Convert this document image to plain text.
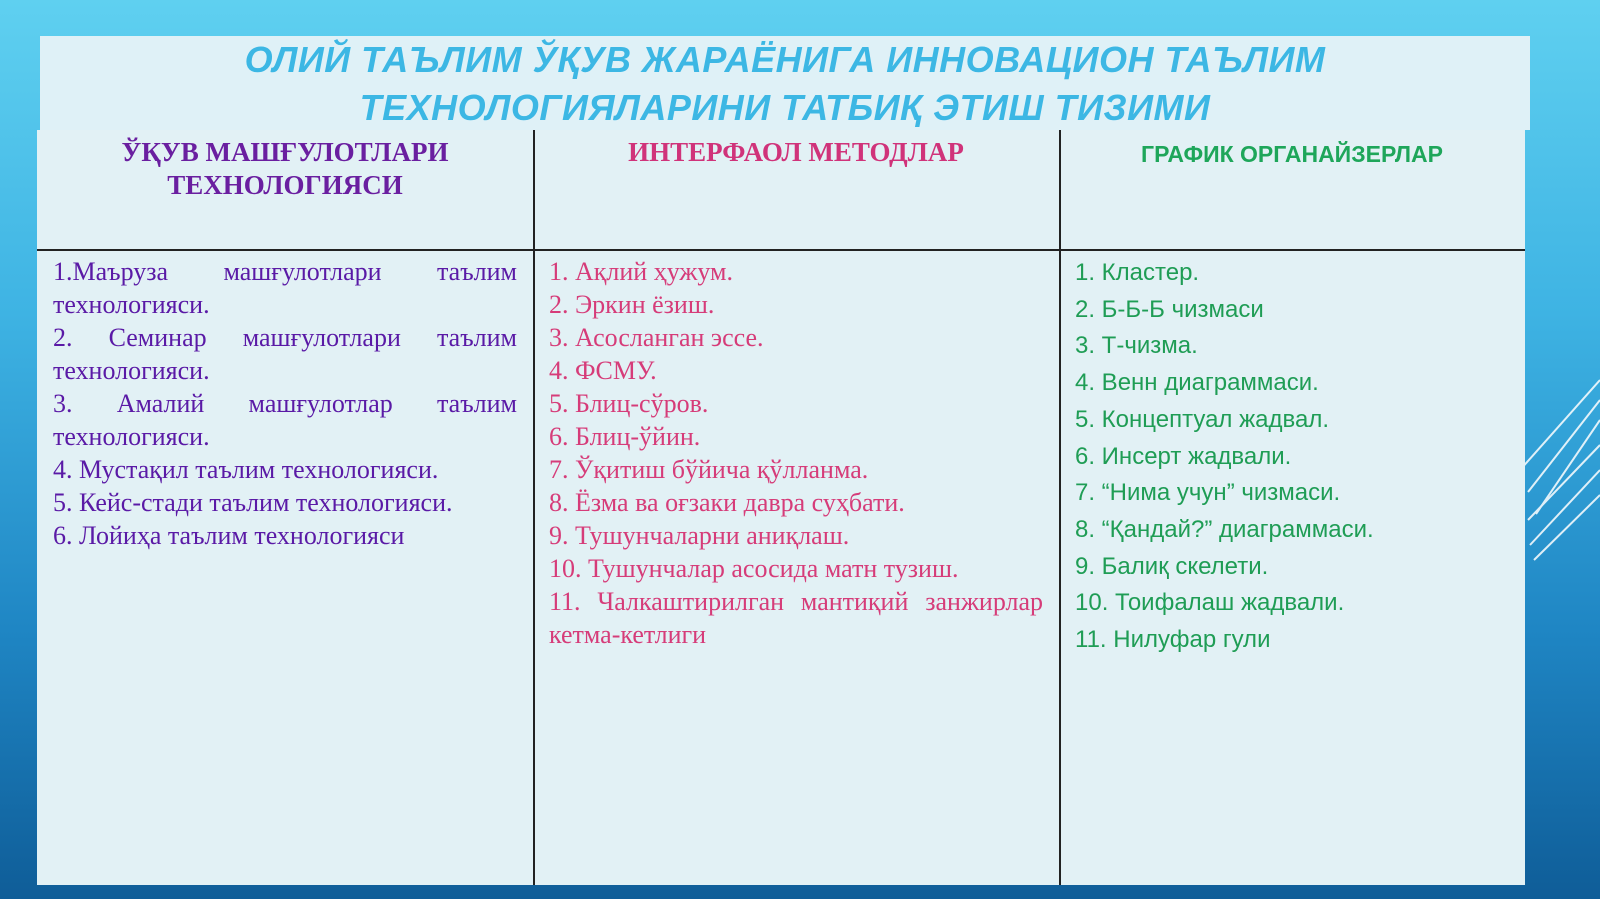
ОЛИЙ ТАЪЛИМ ЎҚУВ ЖАРАЁНИГА ИННОВАЦИОН ТАЪЛИМ
ТЕХНОЛОГИЯЛАРИНИ ТАТБИҚ ЭТИШ ТИЗИМИ
ЎҚУВ МАШҒУЛОТЛАРИ
ТЕХНОЛОГИЯСИ
ИНТЕРФАОЛ МЕТОДЛАР	ГРАФИК ОРГАНАЙЗЕРЛАР
1.Маъруза машғулотлари таълим технологияси.
2. Семинар машғулотлари таълим технологияси.
3. Амалий машғулотлар таълим технологияси.
4. Мустақил таълим технологияси.
5. Кейс-стади таълим технологияси.
6. Лойиҳа таълим технологияси
1. Ақлий ҳужум.
2. Эркин ёзиш.
3. Асосланган эссе.
4. ФСМУ.
5. Блиц-сўров.
6. Блиц-ўйин.
7. Ўқитиш бўйича қўлланма.
8. Ёзма ва оғзаки давра суҳбати.
9. Тушунчаларни аниқлаш.
10. Тушунчалар асосида матн тузиш.
11. Чалкаштирилган мантиқий занжирлар кетма-кетлиги
1. Кластер.
2. Б-Б-Б чизмаси
3. Т-чизма.
4. Венн диаграммаси.
5. Концептуал жадвал.
6. Инсерт жадвали.
7. “Нима учун” чизмаси.
8. “Қандай?” диаграммаси.
9. Балиқ скелети.
10. Тоифалаш жадвали.
11. Нилуфар гули
